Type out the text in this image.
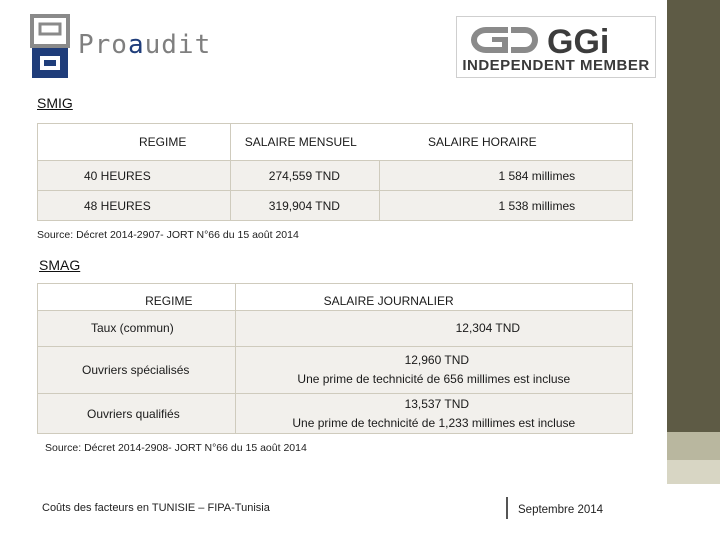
Proaudit	GGi
INDEPENDENT MEMBER
SMIG
REGIME	SALAIRE MENSUEL	SALAIRE HORAIRE
40 HEURES	274,559 TND	1 584 millimes
48 HEURES	319,904 TND	1 538 millimes
Source: Décret 2014-2907- JORT N°66 du 15 août 2014
SMAG
REGIME	SALAIRE JOURNALIER
Taux (commun)	12,304 TND
Ouvriers spécialisés	12,960 TND
Une prime de technicité de 656 millimes est incluse

Ouvriers qualifiés	13,537 TND
Une prime de technicité de 1,233 millimes est incluse
Source: Décret 2014-2908- JORT N°66 du 15 août 2014
Coûts des facteurs en TUNISIE – FIPA-Tunisia	Septembre 2014	3
